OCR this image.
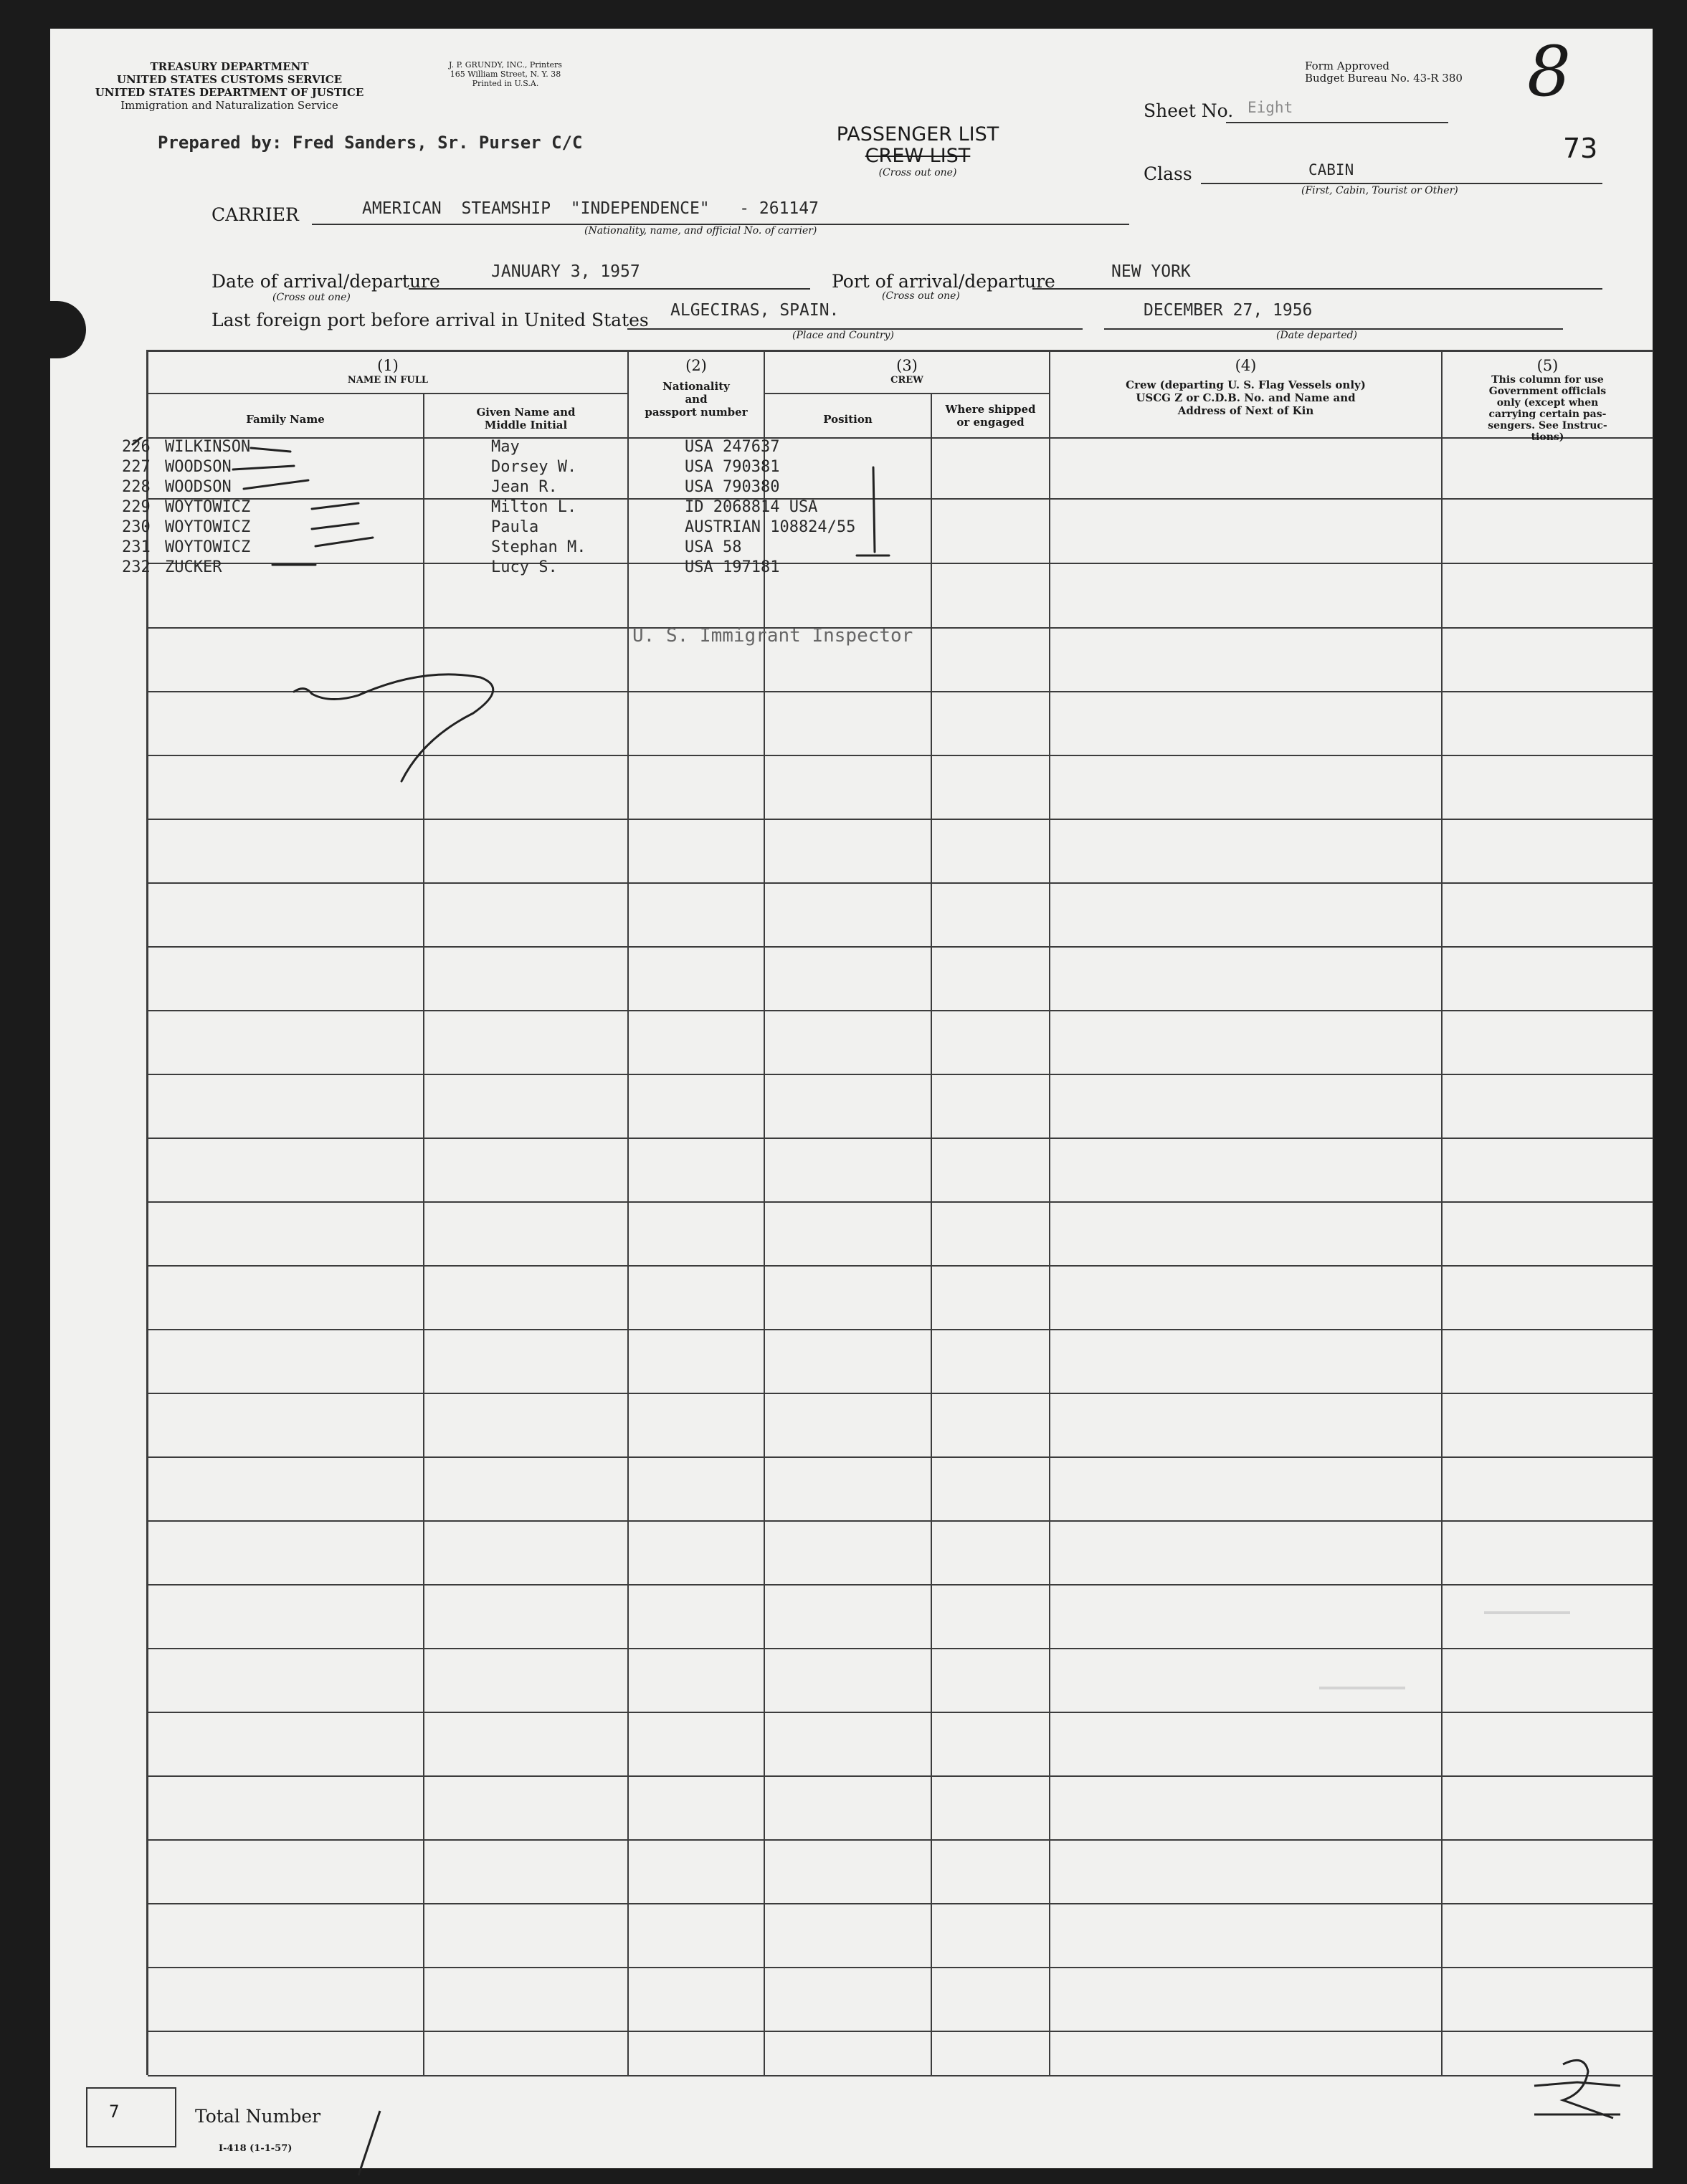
TREASURY DEPARTMENT
UNITED STATES CUSTOMS SERVICE
UNITED STATES DEPARTMENT OF JUSTICE
Immigration and Naturalization Service
J. P. GRUNDY, INC., Printers
165 William Street, N. Y. 38
Printed in U.S.A.
Form Approved
Budget Bureau No. 43-R 380 8
Sheet No. Eight
73
Prepared by: Fred Sanders, Sr. Purser C/C	PASSENGER LIST
CREW LIST
(Cross out one)	Class	CABIN
(First, Cabin, Tourist or Other)
CARRIER	AMERICAN  STEAMSHIP  "INDEPENDENCE"   - 261147
(Nationality, name, and official No. of carrier)
Date of arrival/departure	JANUARY 3, 1957
(Cross out one)
Port of arrival/departure	NEW YORK
(Cross out one)
Last foreign port before arrival in United States ALGECIRAS, SPAIN.
(Place and Country)
DECEMBER 27, 1956
(Date departed)
(1)
NAME IN FULL
Family Name
Given Name and
Middle Initial
(2)
Nationality
and
passport number
(3)
CREW
Position
Where shipped
or engaged
(4)
Crew (departing U. S. Flag Vessels only)
USCG Z or C.D.B. No. and Name and
Address of Next of Kin
(5)
This column for use
Government officials
only (except when
carrying certain pas-
sengers. See Instruc-
tions)
226 WILKINSON	May	USA 247637
227 WOODSON	Dorsey W.	USA 790381
228 WOODSON	Jean R.	USA 790380
229 WOYTOWICZ	Milton L.	ID 2068814 USA
230 WOYTOWICZ	Paula	AUSTRIAN 108824/55
231 WOYTOWICZ	Stephan M.	USA 58
232 ZUCKER	Lucy S.	USA 197181
U. S. Immigrant Inspector
7	Total Number
I-418 (1-1-57)
